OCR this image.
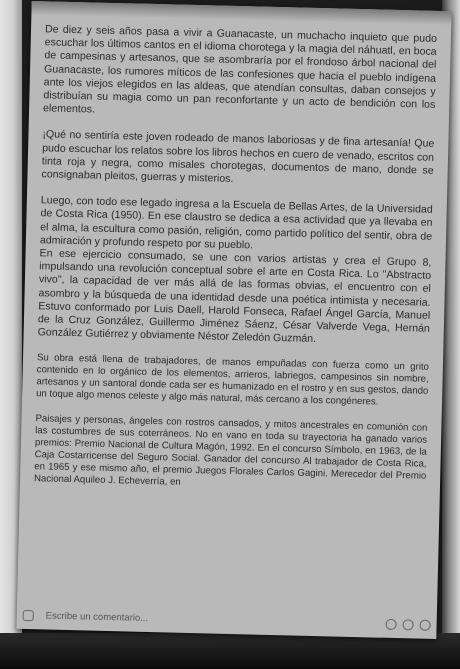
De diez y seis años pasa a vivir a Guanacaste, un muchacho inquieto que pudo escuchar los últimos cantos en el idioma chorotega y la magia del náhuatl, en boca de campesinas y artesanos, que se asombraría por el frondoso árbol nacional del Guanacaste, los rumores míticos de las confesiones que hacia el pueblo indígena ante los viejos elegidos en las aldeas, que atendían consultas, daban consejos y distribuían su magia como un pan reconfortante y un acto de bendición con los elementos.

¡Qué no sentiría este joven rodeado de manos laboriosas y de fina artesanía! Que pudo escuchar los relatos sobre los libros hechos en cuero de venado, escritos con tinta roja y negra, como misales chorotegas, documentos de mano, donde se consignaban pleitos, guerras y misterios.

Luego, con todo ese legado ingresa a la Escuela de Bellas Artes, de la Universidad de Costa Rica (1950). En ese claustro se dedica a esa actividad que ya llevaba en el alma, la escultura como pasión, religión, como partido político del sentir, obra de admiración y profundo respeto por su pueblo.

En ese ejercicio consumado, se une con varios artistas y crea el Grupo 8, impulsando una revolución conceptual sobre el arte en Costa Rica. Lo "Abstracto vivo", la capacidad de ver más allá de las formas obvias, el encuentro con el asombro y la búsqueda de una identidad desde una poética intimista y necesaria. Estuvo conformado por Luis Daell, Harold Fonseca, Rafael Ángel García, Manuel de la Cruz González, Guillermo Jiménez Sáenz, César Valverde Vega, Hernán González Gutiérrez y obviamente Néstor Zeledón Guzmán.

Su obra está llena de trabajadores, de manos empuñadas con fuerza como un grito contenido en lo orgánico de los elementos, arrieros, labriegos, campesinos sin nombre, artesanos y un santoral donde cada ser es humanizado en el rostro y en sus gestos, dando un toque algo menos celeste y algo más natural, más cercano a los congéneres.

Paisajes y personas, ángeles con rostros cansados, y mitos ancestrales en comunión con las costumbres de sus coterráneos. No en vano en toda su trayectoria ha ganado varios premios: Premio Nacional de Cultura Magón, 1992. En el concurso Símbolo, en 1963, de la Caja Costarricense del Seguro Social. Ganador del concurso Al trabajador de Costa Rica, en 1965 y ese mismo año, el premio Juegos Florales Carlos Gagini. Merecedor del Premio Nacional Aquileo J. Echeverría, en

Escribe un comentario...
